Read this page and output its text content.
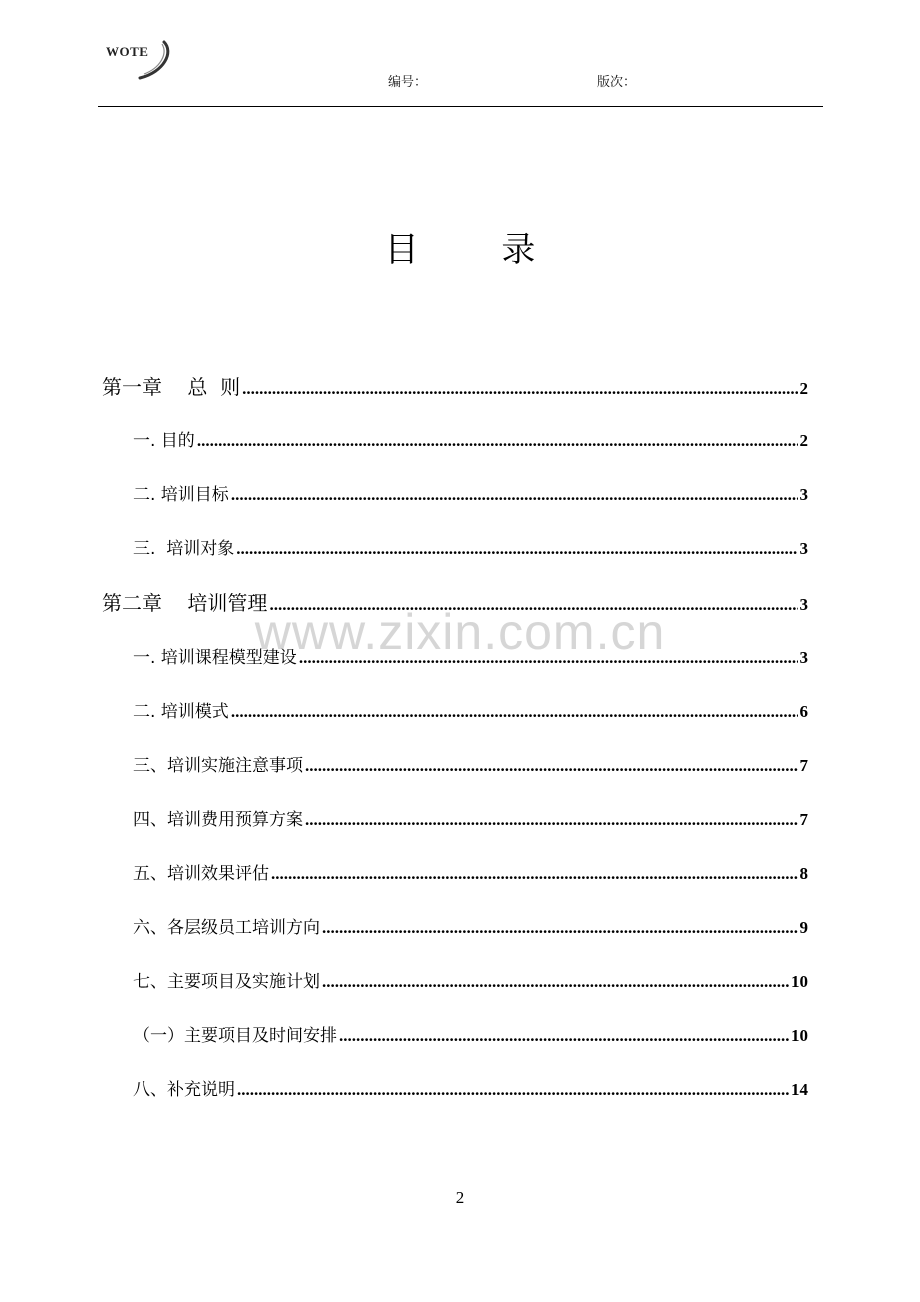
WOTE
编号：	版次：
目 录
www.zixin.com.cn
第一章    总  则 .....	2
一. 目的 .....	2
二. 培训目标 .....	3
三.  培训对象 .....	3
第二章    培训管理 .....	3
一. 培训课程模型建设 .....	3
二. 培训模式 .....	6
三、培训实施注意事项 .....	7
四、培训费用预算方案 .....	7
五、培训效果评估 .....	8
六、各层级员工培训方向 .....	9
七、主要项目及实施计划 .....	10
（一）主要项目及时间安排 .....	10
八、补充说明 .....	14
2
